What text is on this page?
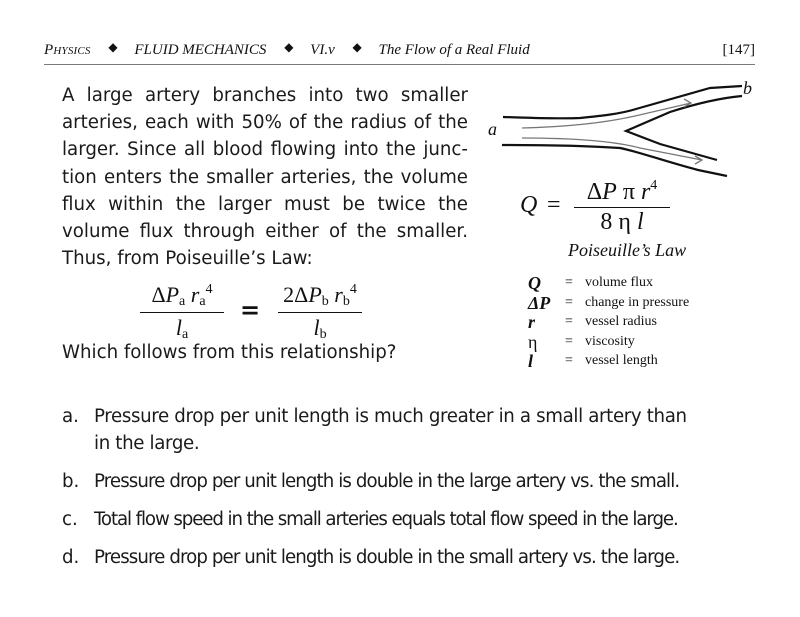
Physics ◆ FLUID MECHANICS ◆ VI.v ◆ The Flow of a Real Fluid	[147]
A large artery branches into two smaller
arteries, each with 50% of the radius of the
larger. Since all blood flowing into the junc-
tion enters the smaller arteries, the volume
flux within the larger must be twice the
volume flux through either of the smaller.
Thus, from Poiseuille’s Law:
$\Delta P_a$ $r_a^4$
$l_a$
=
$2\Delta P_b$ $r_b^4$
$l_b$
Which follows from this relationship?
a
b
Q =	ΔP π $r^4$
8 η l
Poiseuille’s Law
Q = volume flux
ΔP = change in pressure
r = vessel radius
η = viscosity
l = vessel length
a. Pressure drop per unit length is much greater in a small artery than
in the large.
b. Pressure drop per unit length is double in the large artery vs. the small.
c. Total flow speed in the small arteries equals total flow speed in the large.
d. Pressure drop per unit length is double in the small artery vs. the large.
